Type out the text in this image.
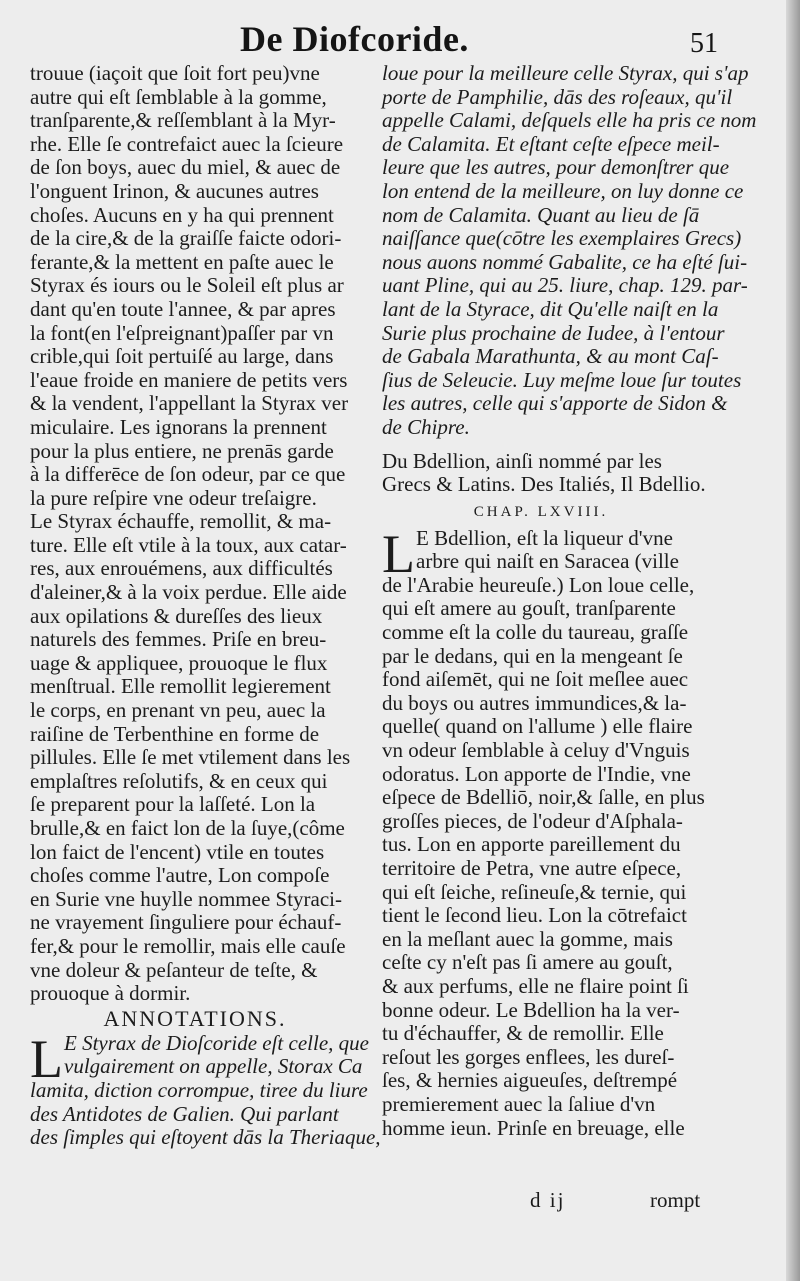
De Diofcoride.	51
trouue (iaçoit que ſoit fort peu)vne
autre qui eſt ſemblable à la gomme,
tranſparente,& reſſemblant à la Myr-
rhe. Elle ſe contrefaict auec la ſcieure
de ſon boys, auec du miel, & auec de
l'onguent Irinon, & aucunes autres
choſes. Aucuns en y ha qui prennent
de la cire,& de la graiſſe faicte odori-
ferante,& la mettent en paſte auec le
Styrax és iours ou le Soleil eſt plus ar
dant qu'en toute l'annee, & par apres
la font(en l'eſpreignant)paſſer par vn
crible,qui ſoit pertuiſé au large, dans
l'eaue froide en maniere de petits vers
& la vendent, l'appellant la Styrax ver
miculaire. Les ignorans la prennent
pour la plus entiere, ne prenās garde
à la differēce de ſon odeur, par ce que
la pure reſpire vne odeur treſaigre.
Le Styrax échauffe, remollit, & ma-
ture. Elle eſt vtile à la toux, aux catar-
res, aux enrouémens, aux difficultés
d'aleiner,& à la voix perdue. Elle aide
aux opilations & dureſſes des lieux
naturels des femmes. Priſe en breu-
uage & appliquee, prouoque le flux
menſtrual. Elle remollit legierement
le corps, en prenant vn peu, auec la
raiſine de Terbenthine en forme de
pillules. Elle ſe met vtilement dans les
emplaſtres reſolutifs, & en ceux qui
ſe preparent pour la laſſeté. Lon la
brulle,& en faict lon de la ſuye,(côme
lon faict de l'encent) vtile en toutes
choſes comme l'autre, Lon compoſe
en Surie vne huylle nommee Styraci-
ne vrayement ſinguliere pour échauf-
fer,& pour le remollir, mais elle cauſe
vne doleur & peſanteur de teſte, &
prouoque à dormir.
ANNOTATIONS.
L E Styrax de Dioſcoride eſt celle, que
vulgairement on appelle, Storax Ca
lamita, diction corrompue, tiree du liure
des Antidotes de Galien. Qui parlant
des ſimples qui eſtoyent dās la Theriaque,
loue pour la meilleure celle Styrax, qui s'ap
porte de Pamphilie, dās des roſeaux, qu'il
appelle Calami, deſquels elle ha pris ce nom
de Calamita. Et eſtant ceſte eſpece meil-
leure que les autres, pour demonſtrer que
lon entend de la meilleure, on luy donne ce
nom de Calamita. Quant au lieu de ſā
naiſſance que(cōtre les exemplaires Grecs)
nous auons nommé Gabalite, ce ha eſté ſui-
uant Pline, qui au 25. liure, chap. 129. par-
lant de la Styrace, dit Qu'elle naiſt en la
Surie plus prochaine de Iudee, à l'entour
de Gabala Marathunta, & au mont Caſ-
ſius de Seleucie. Luy meſme loue ſur toutes
les autres, celle qui s'apporte de Sidon &
de Chipre.
Du Bdellion, ainſi nommé par les
Grecs & Latins. Des Italiés, Il Bdellio.
CHAP. LXVIII.
L E Bdellion, eſt la liqueur d'vne
arbre qui naiſt en Saracea (ville
de l'Arabie heureuſe.) Lon loue celle,
qui eſt amere au gouſt, tranſparente
comme eſt la colle du taureau, graſſe
par le dedans, qui en la mengeant ſe
fond aiſemēt, qui ne ſoit meſlee auec
du boys ou autres immundices,& la-
quelle( quand on l'allume ) elle flaire
vn odeur ſemblable à celuy d'Vnguis
odoratus. Lon apporte de l'Indie, vne
eſpece de Bdelliō, noir,& ſalle, en plus
groſſes pieces, de l'odeur d'Aſphala-
tus. Lon en apporte pareillement du
territoire de Petra, vne autre eſpece,
qui eſt ſeiche, reſineuſe,& ternie, qui
tient le ſecond lieu. Lon la cōtrefaict
en la meſlant auec la gomme, mais
ceſte cy n'eſt pas ſi amere au gouſt,
& aux perfums, elle ne flaire point ſi
bonne odeur. Le Bdellion ha la ver-
tu d'échauffer, & de remollir. Elle
reſout les gorges enflees, les dureſ-
ſes, & hernies aigueuſes, deſtrempé
premierement auec la ſaliue d'vn
homme ieun. Prinſe en breuage, elle
d ij	rompt
